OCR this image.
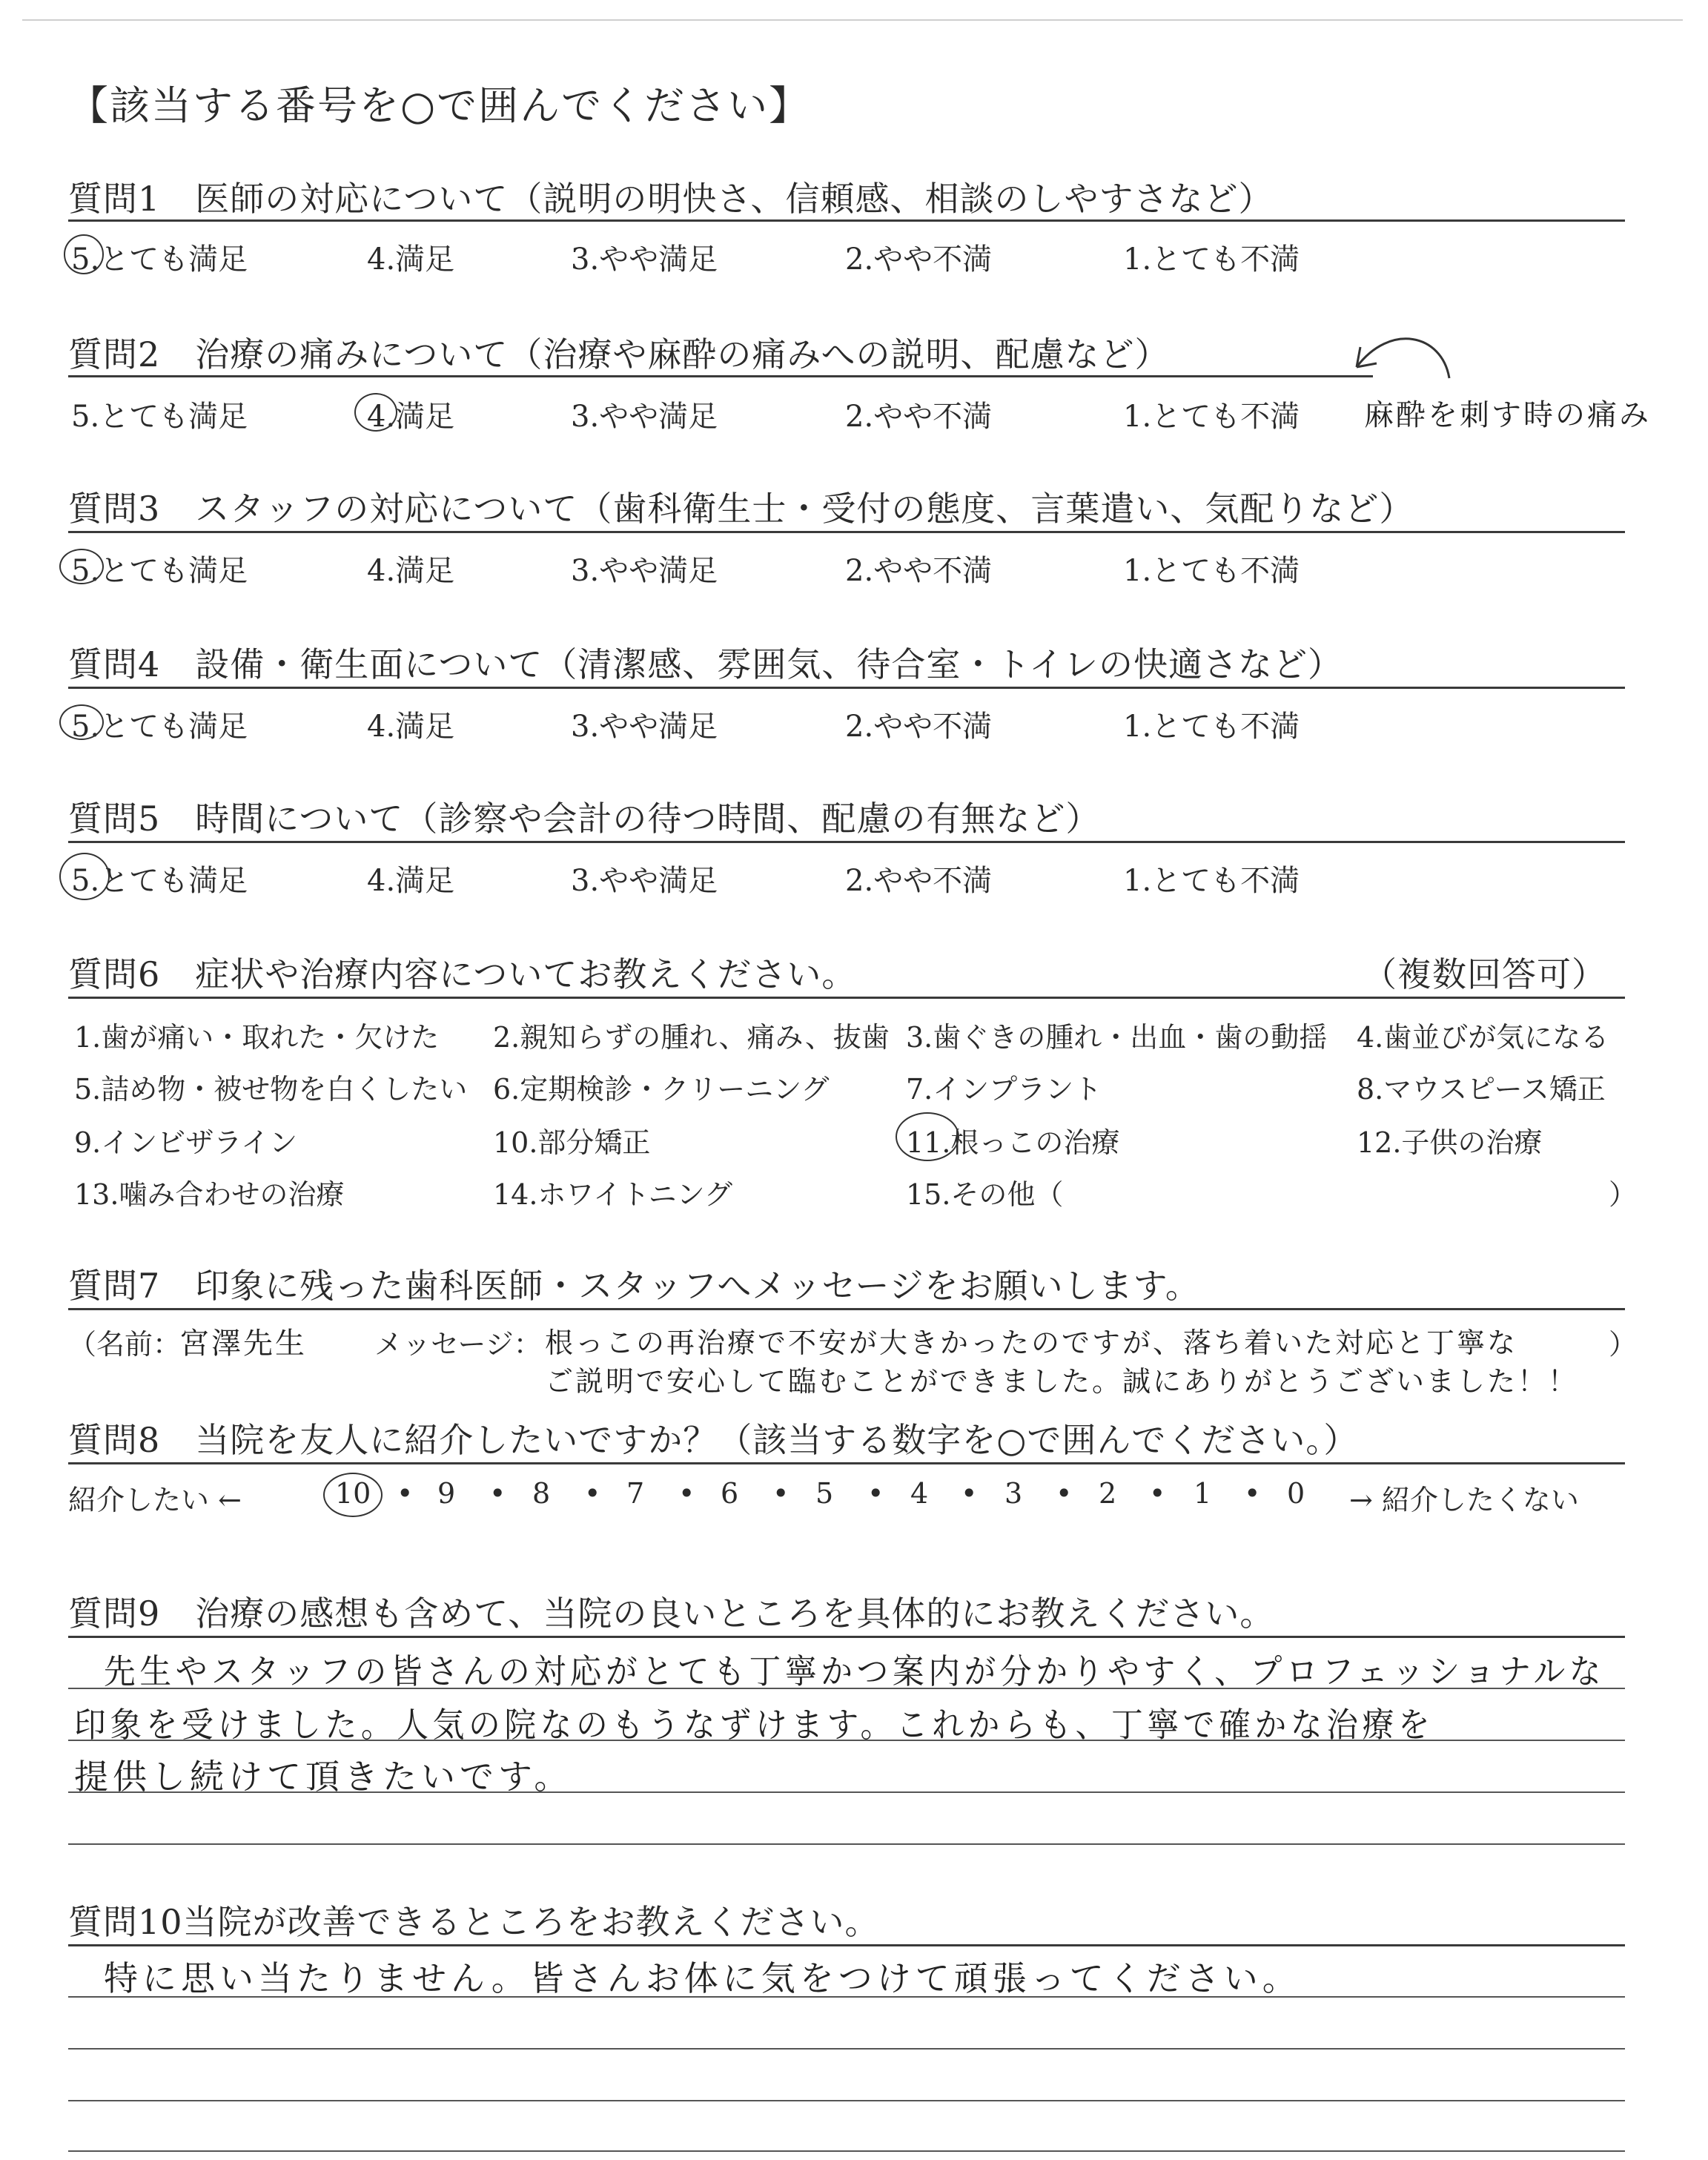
【該当する番号を○で囲んでください】
質問1　 医師の対応について（説明の明快さ、信頼感、相談のしやすさなど）
5.とても満足	4.満足	3.やや満足	2.やや不満	1.とても不満
質問2　 治療の痛みについて（治療や麻酔の痛みへの説明、配慮など）
5.とても満足	4.満足	3.やや満足	2.やや不満	1.とても不満 麻酔を刺す時の痛み
質問3　 スタッフの対応について（歯科衛生士・受付の態度、言葉遣い、気配りなど）
5.とても満足	4.満足	3.やや満足	2.やや不満	1.とても不満
質問4　 設備・衛生面について（清潔感、雰囲気、待合室・トイレの快適さなど）
5.とても満足	4.満足	3.やや満足	2.やや不満	1.とても不満
質問5　 時間について（診察や会計の待つ時間、配慮の有無など）
5.とても満足	4.満足	3.やや満足	2.やや不満	1.とても不満
質問6　 症状や治療内容についてお教えください。	（複数回答可）
1.歯が痛い・取れた・欠けた 2.親知らずの腫れ、痛み、抜歯 3.歯ぐきの腫れ・出血・歯の動揺 4.歯並びが気になる
5.詰め物・被せ物を白くしたい 6.定期検診・クリーニング	7.インプラント	8.マウスピース矯正
9.インビザライン	10.部分矯正	11.根っこの治療	12.子供の治療
13.噛み合わせの治療	14.ホワイトニング	15.その他（	）
質問7　 印象に残った歯科医師・スタッフへメッセージをお願いします。
（名前：
宮澤先生 メッセージ：	）
根っこの再治療で不安が大きかったのですが、落ち着いた対応と丁寧な
ご説明で安心して臨むことができました。誠にありがとうございました！！
質問8　 当院を友人に紹介したいですか？（該当する数字を○で囲んでください。）
紹介したい ←	→ 紹介したくない
10 • 9 • 8 • 7 • 6 • 5 • 4 • 3 • 2 • 1 • 0
質問9　 治療の感想も含めて、当院の良いところを具体的にお教えください。
先生やスタッフの皆さんの対応がとても丁寧かつ案内が分かりやすく、プロフェッショナルな
印象を受けました。人気の院なのもうなずけます。これからも、丁寧で確かな治療を
提供し続けて頂きたいです。
質問10当院が改善できるところをお教えください。
特に思い当たりません。皆さんお体に気をつけて頑張ってください。
